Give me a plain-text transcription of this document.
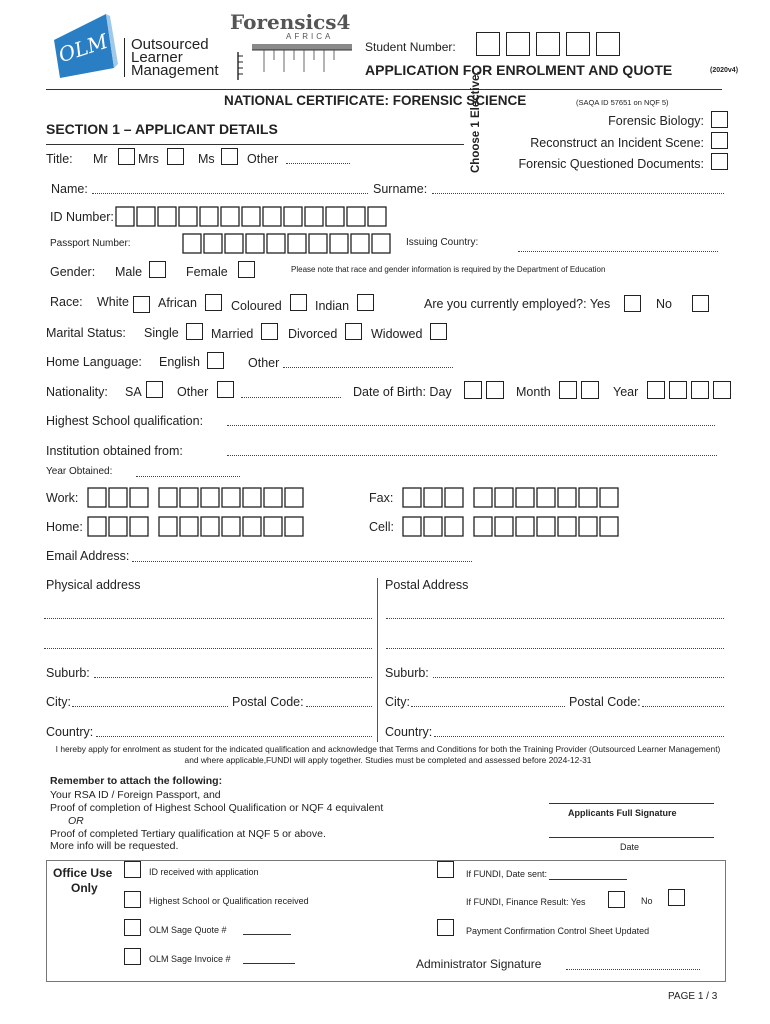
OLM Outsourced
Learner
Management
Forensics4
AFRICA
Student Number:
APPLICATION FOR ENROLMENT AND QUOTE	(2020v4)
NATIONAL CERTIFICATE: FORENSIC SCIENCE	(SAQA ID 57651 on NQF 5)
SECTION 1 – APPLICANT DETAILS	Choose 1 Elective:	Forensic Biology:
Reconstruct an Incident Scene:
Forensic Questioned Documents:
Title: Mr Mrs	Ms	Other
Name:	Surname:
ID Number:
Passport Number:	Issuing Country:
Gender: Male	Female	Please note that race and gender information is required by the Department of Education
Race: White African	Coloured	Indian	Are you currently employed?: Yes	No
Marital Status: Single	Married	Divorced	Widowed
Home Language: English	Other
Nationality: SA	Other	Date of Birth: Day	Month	Year
Highest School qualification:
Institution obtained from:
Year Obtained:
Work:	Fax:
Home:	Cell:
Email Address:
Physical address	Postal Address
Suburb:	Suburb:
City:	Postal Code:	City:	Postal Code:
Country:	Country:
I hereby apply for enrolment as student for the indicated qualification and acknowledge that Terms and Conditions for both the Training Provider (Outsourced Learner Management) and where applicable,FUNDI will apply together. Studies must be completed and assessed before 2024-12-31
Remember to attach the following:
Your RSA ID / Foreign Passport, and
Proof of completion of Highest School Qualification or NQF 4 equivalent
OR
Proof of completed Tertiary qualification at NQF 5 or above.
More info will be requested.
Applicants Full Signature
Date
Office Use
Only
ID received with application
Highest School or Qualification received
OLM Sage Quote #
OLM Sage Invoice #
If FUNDI, Date sent:
If FUNDI, Finance Result: Yes	No
Payment Confirmation Control Sheet Updated
Administrator Signature
PAGE 1 / 3
